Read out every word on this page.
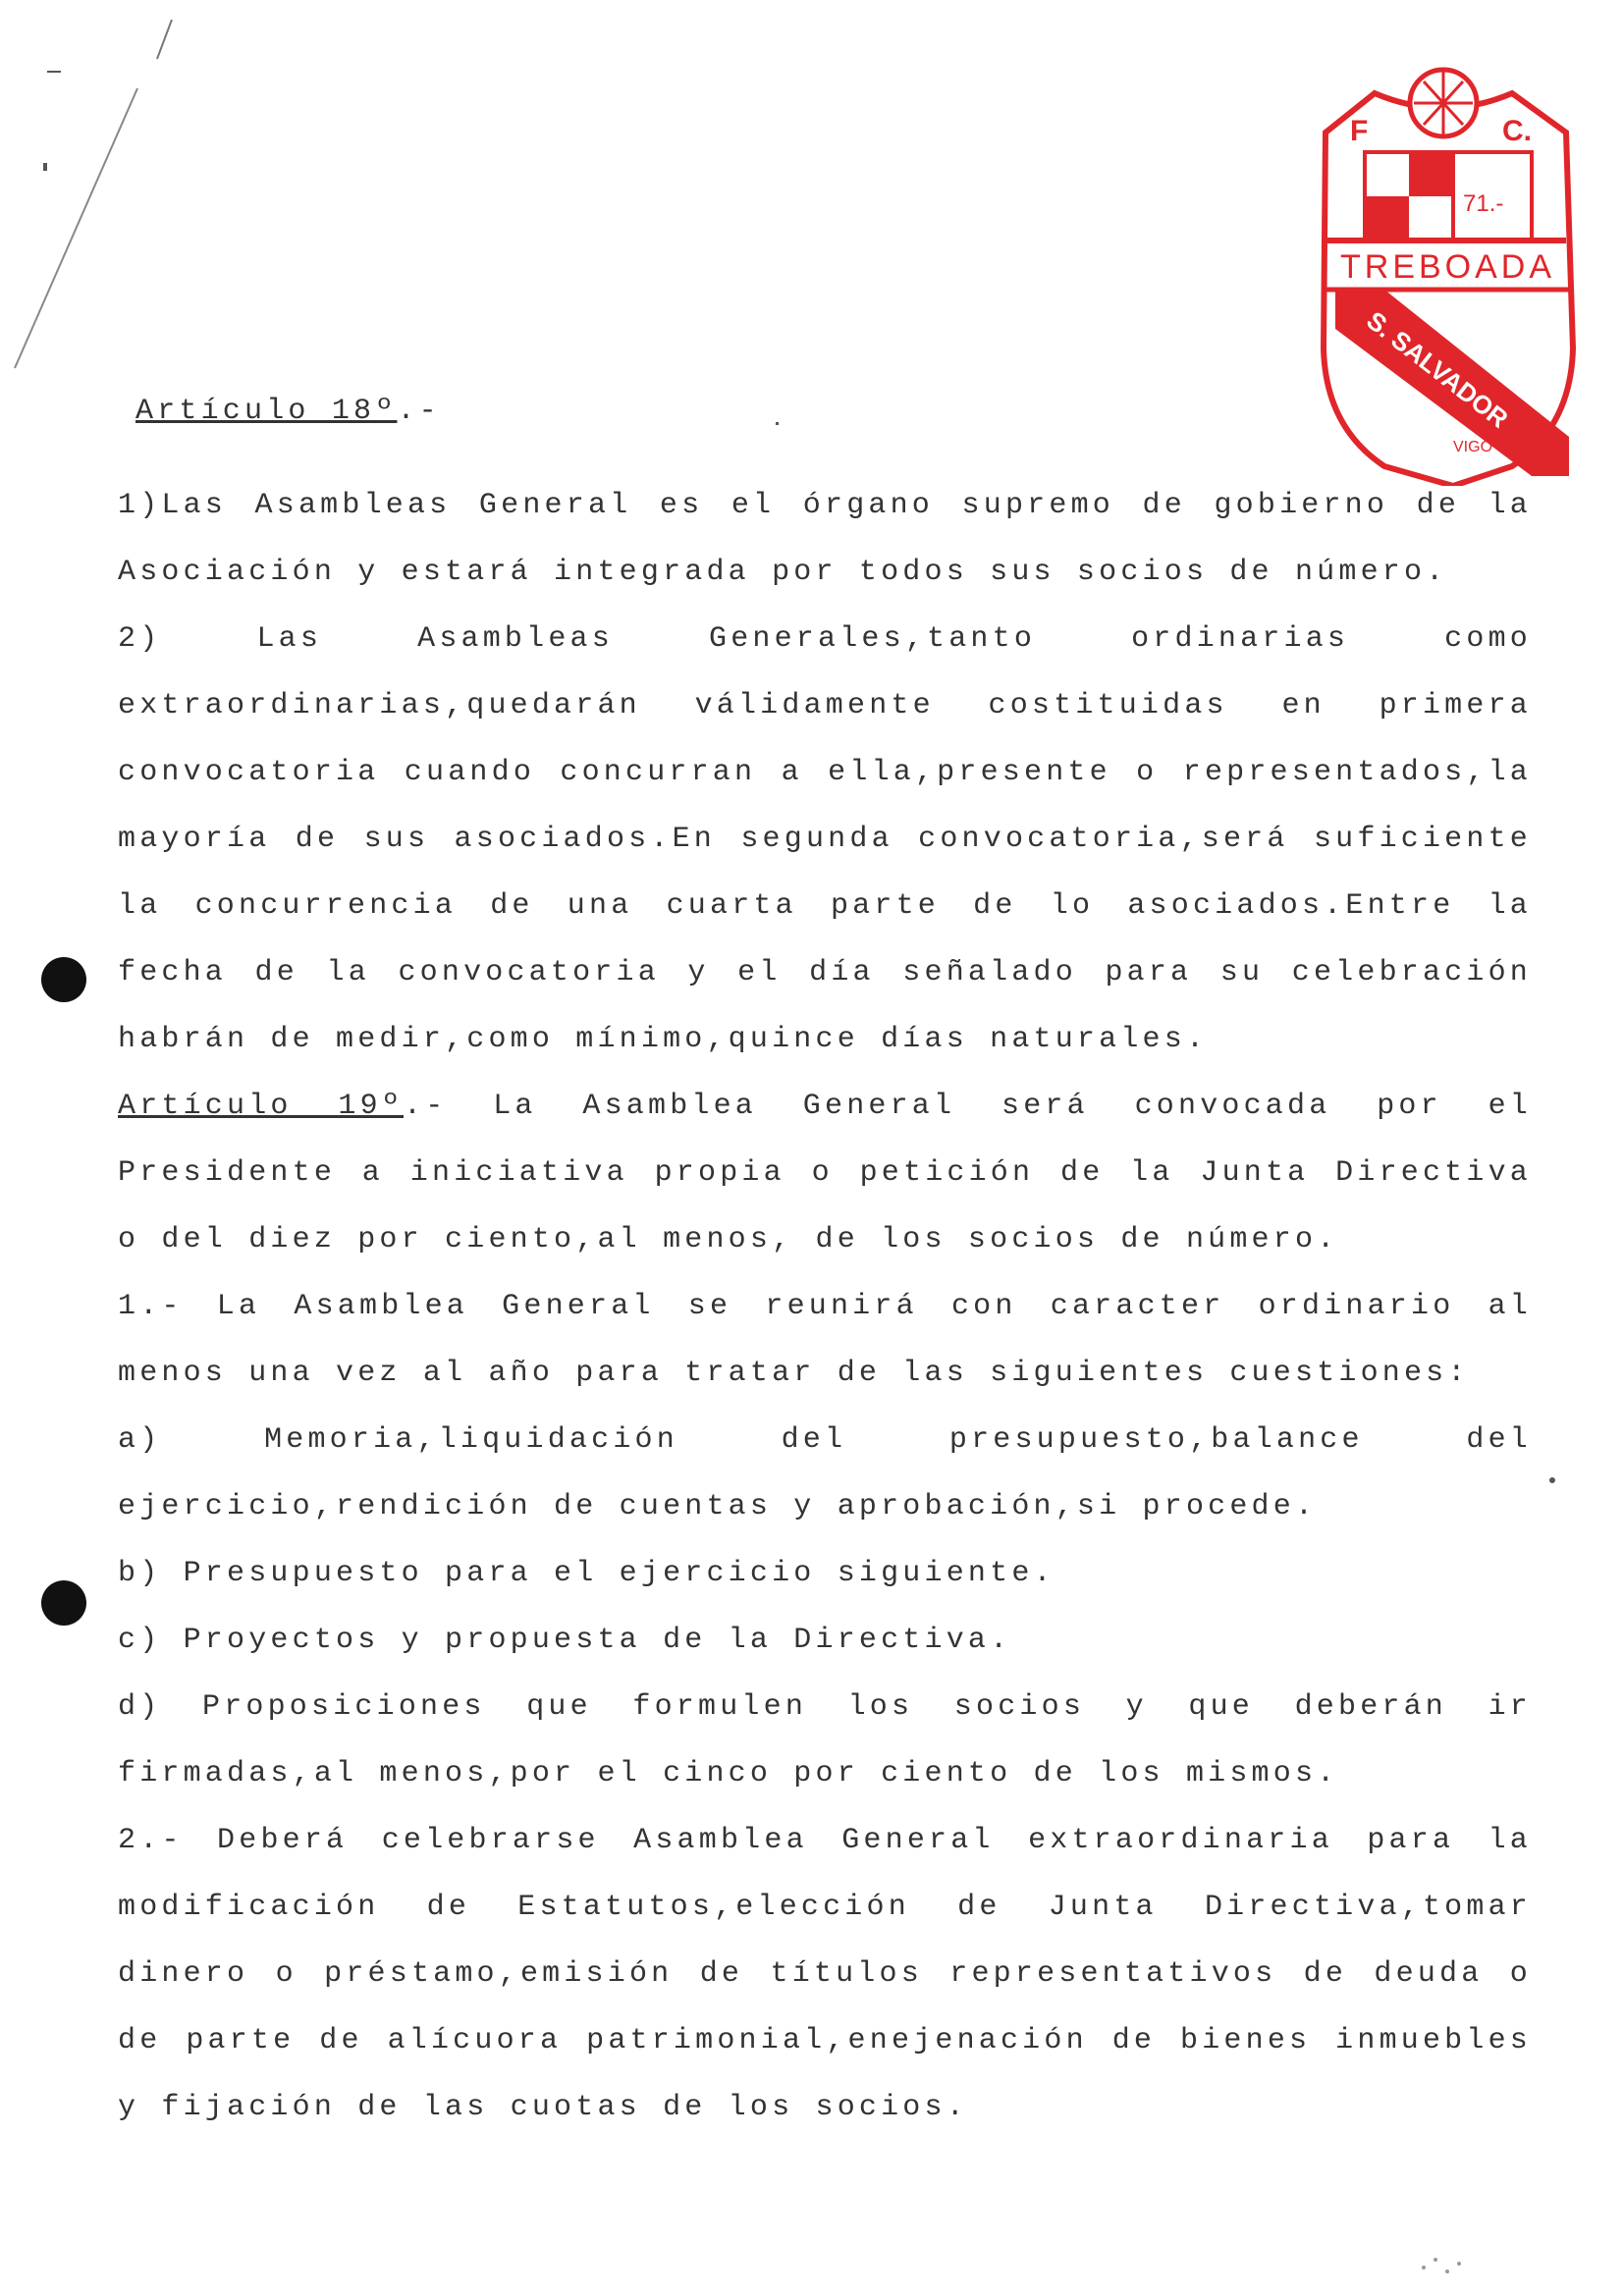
F	C.
71.-
TREBOADA
S. SALVADOR
VIGO

Artículo 18º.-

1)Las Asambleas General es el órgano supremo de gobierno de la Asociación y estará integrada por todos sus socios de número.

2) Las Asambleas Generales,tanto ordinarias como extraordinarias,quedarán válidamente costituidas en primera convocatoria cuando concurran a ella,presente o representados,la mayoría de sus asociados.En segunda convocatoria,será suficiente la concurrencia de una cuarta parte de lo asociados.Entre la fecha de la convocatoria y el día señalado para su celebración habrán de medir,como mínimo,quince días naturales.

Artículo 19º.- La Asamblea General será convocada por el Presidente a iniciativa propia o petición de la Junta Directiva o del diez por ciento,al menos, de los socios de número.

1.- La Asamblea General se reunirá con caracter ordinario al menos una vez al año para tratar de las siguientes cuestiones:

a) Memoria,liquidación del presupuesto,balance del ejercicio,rendición de cuentas y aprobación,si procede.

b) Presupuesto para el ejercicio siguiente.

c) Proyectos y propuesta de la Directiva.

d) Proposiciones que formulen los socios y que deberán ir firmadas,al menos,por el cinco por ciento de los mismos.

2.- Deberá celebrarse Asamblea General extraordinaria para la modificación de Estatutos,elección de Junta Directiva,tomar dinero o préstamo,emisión de títulos representativos de deuda o de parte de alícuora patrimonial,enejenación de bienes inmuebles y fijación de las cuotas de los socios.
